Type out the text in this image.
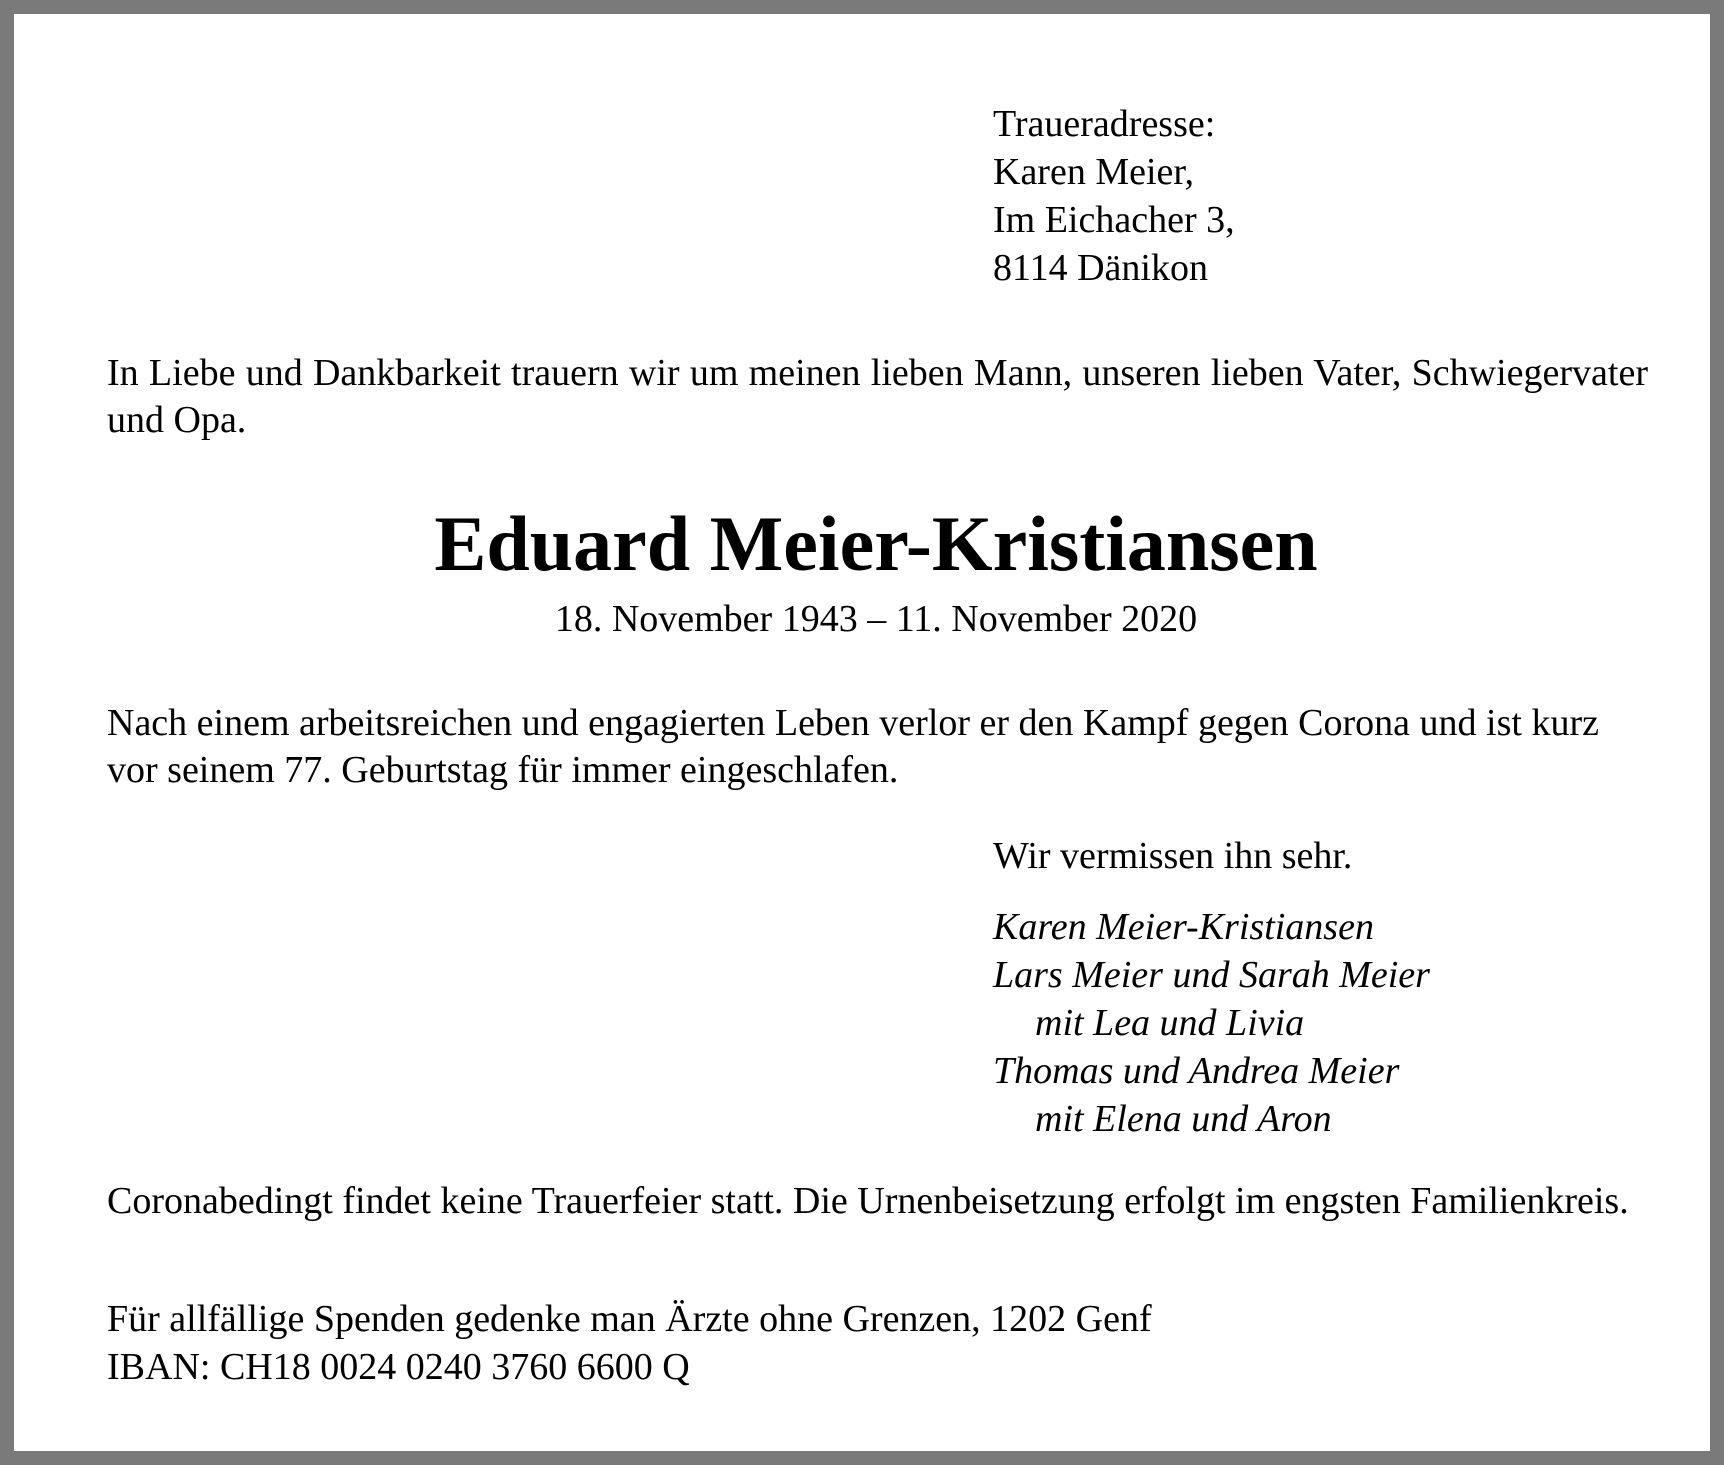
Traueradresse:
Karen Meier,
Im Eichacher 3,
8114 Dänikon
In Liebe und Dankbarkeit trauern wir um meinen lieben Mann, unseren lieben Vater, Schwiegervater und Opa.
Eduard Meier-Kristiansen
18. November 1943 – 11. November 2020
Nach einem arbeitsreichen und engagierten Leben verlor er den Kampf gegen Corona und ist kurz vor seinem 77. Geburtstag für immer eingeschlafen.
Wir vermissen ihn sehr.
Karen Meier-Kristiansen
Lars Meier und Sarah Meier
mit Lea und Livia
Thomas und Andrea Meier
mit Elena und Aron
Coronabedingt findet keine Trauerfeier statt. Die Urnenbeisetzung erfolgt im engsten Familienkreis.
Für allfällige Spenden gedenke man Ärzte ohne Grenzen, 1202 Genf
IBAN: CH18 0024 0240 3760 6600 Q
